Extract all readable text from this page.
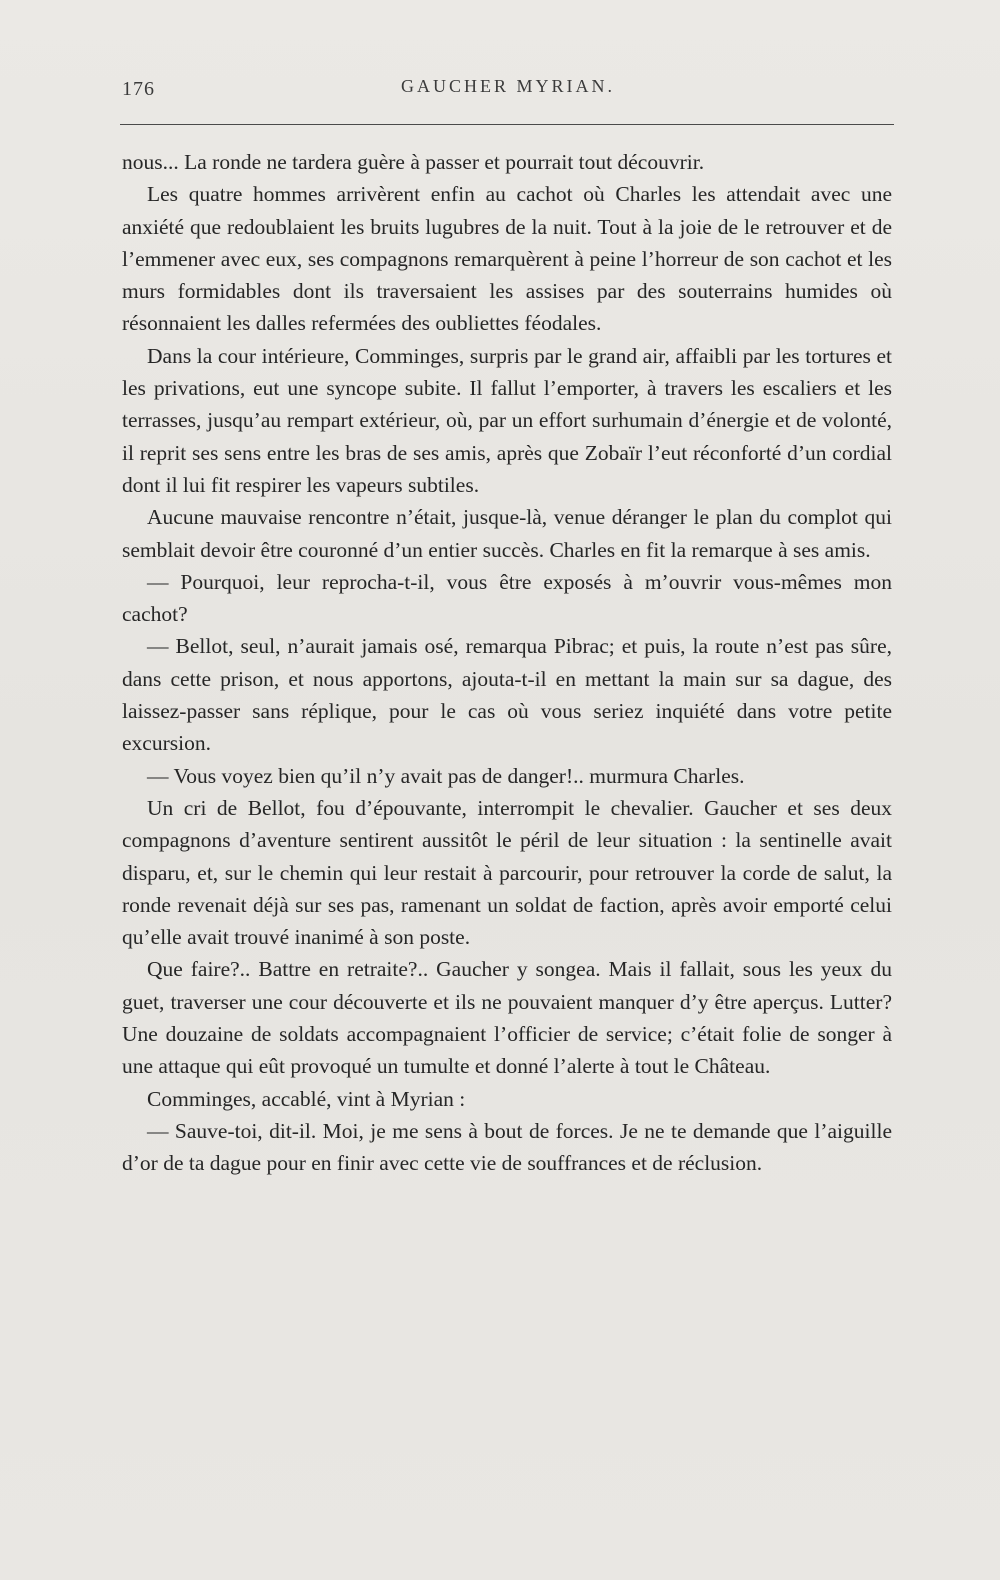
176	GAUCHER MYRIAN.

nous... La ronde ne tardera guère à passer et pourrait tout découvrir.

Les quatre hommes arrivèrent enfin au cachot où Charles les attendait avec une anxiété que redoublaient les bruits lugubres de la nuit. Tout à la joie de le retrouver et de l’emmener avec eux, ses compagnons remarquèrent à peine l’horreur de son cachot et les murs formidables dont ils traversaient les assises par des souterrains humides où résonnaient les dalles refermées des oubliettes féodales.

Dans la cour intérieure, Comminges, surpris par le grand air, affaibli par les tortures et les privations, eut une syncope subite. Il fallut l’emporter, à travers les escaliers et les terrasses, jusqu’au rempart extérieur, où, par un effort surhumain d’énergie et de volonté, il reprit ses sens entre les bras de ses amis, après que Zobaïr l’eut réconforté d’un cordial dont il lui fit respirer les vapeurs subtiles.

Aucune mauvaise rencontre n’était, jusque-là, venue déranger le plan du complot qui semblait devoir être couronné d’un entier succès. Charles en fit la remarque à ses amis.

— Pourquoi, leur reprocha-t-il, vous être exposés à m’ouvrir vous-mêmes mon cachot?

— Bellot, seul, n’aurait jamais osé, remarqua Pibrac; et puis, la route n’est pas sûre, dans cette prison, et nous apportons, ajouta-t-il en mettant la main sur sa dague, des laissez-passer sans réplique, pour le cas où vous seriez inquiété dans votre petite excursion.

— Vous voyez bien qu’il n’y avait pas de danger!.. murmura Charles.

Un cri de Bellot, fou d’épouvante, interrompit le chevalier. Gaucher et ses deux compagnons d’aventure sentirent aussitôt le péril de leur situation : la sentinelle avait disparu, et, sur le chemin qui leur restait à parcourir, pour retrouver la corde de salut, la ronde revenait déjà sur ses pas, ramenant un soldat de faction, après avoir emporté celui qu’elle avait trouvé inanimé à son poste.

Que faire?.. Battre en retraite?.. Gaucher y songea. Mais il fallait, sous les yeux du guet, traverser une cour découverte et ils ne pouvaient manquer d’y être aperçus. Lutter? Une douzaine de soldats accompagnaient l’officier de service; c’était folie de songer à une attaque qui eût provoqué un tumulte et donné l’alerte à tout le Château.

Comminges, accablé, vint à Myrian :

— Sauve-toi, dit-il. Moi, je me sens à bout de forces. Je ne te demande que l’aiguille d’or de ta dague pour en finir avec cette vie de souffrances et de réclusion.
